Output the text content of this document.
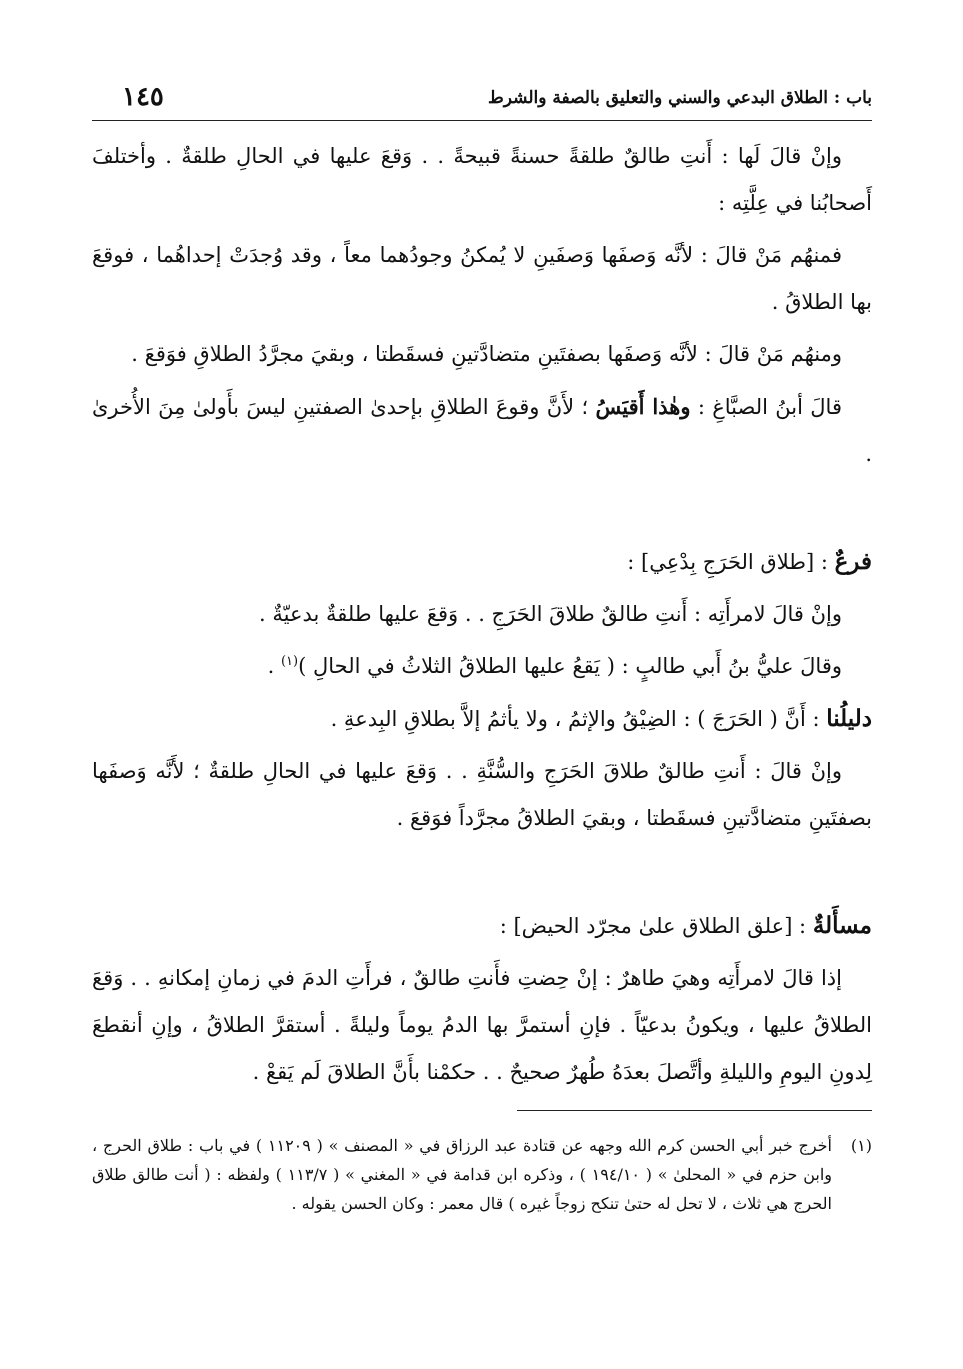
باب : الطلاق البدعي والسني والتعليق بالصفة والشرط
١٤٥

وإنْ قالَ لَها : أَنتِ طالقٌ طلقةً حسنةً قبيحةً . . وَقعَ عليها في الحالِ طلقةٌ . وأختلفَ أَصحابُنا في عِلَّتِه :

فمنهُم مَنْ قالَ : لأنَّه وَصفَها وَصفَينِ لا يُمكنُ وجودُهما معاً ، وقد وُجدَتْ إحداهُما ، فوقعَ بها الطلاقُ .

ومنهُم مَنْ قالَ : لأنَّه وَصفَها بصفتَينِ متضادَّتينِ فسقَطتا ، وبقيَ مجرَّدُ الطلاقِ فوَقعَ .

قالَ أبنُ الصبَّاغِ : وهٰذا أَقيَسُ ؛ لأَنَّ وقوعَ الطلاقِ بإحدىٰ الصفتينِ ليسَ بأَولىٰ مِنَ الأُخرىٰ .

فرعٌ : [طلاق الحَرَجِ بِدْعِي] :

وإنْ قالَ لامرأَتِه : أَنتِ طالقٌ طلاقَ الحَرَجِ . . وَقعَ عليها طلقةٌ بدعيّةٌ .

وقالَ عليُّ بنُ أَبي طالبٍ : ( يَقعُ عليها الطلاقُ الثلاثُ في الحالِ )$^{(١)}$ .

دليلُنا : أَنَّ ( الحَرَجَ ) : الضِيْقُ والإثمُ ، ولا يأثمُ إلاَّ بطلاقِ البِدعةِ .

وإنْ قالَ : أَنتِ طالقٌ طلاقَ الحَرَجِ والسُّنَّةِ . . وَقعَ عليها في الحالِ طلقةٌ ؛ لأَنَّه وَصفَها بصفتَينِ متضادَّتينِ فسقَطتا ، وبقيَ الطلاقُ مجرَّداً فوَقعَ .

مسأَلةٌ : [علق الطلاق علىٰ مجرّد الحيض] :

إذا قالَ لامرأَتِه وهيَ طاهرٌ : إنْ حِضتِ فأَنتِ طالقٌ ، فرأَتِ الدمَ في زمانِ إمكانهِ . . وَقعَ الطلاقُ عليها ، ويكونُ بدعيّاً . فإنِ أستمرَّ بها الدمُ يوماً وليلةً . أستقرَّ الطلاقُ ، وإنِ أنقطعَ لِدونِ اليومِ والليلةِ وأتَّصلَ بعدَهُ طُهرٌ صحيحٌ . . حكمْنا بأَنَّ الطلاقَ لَم يَقعْ .

(١)
أخرج خبر أبي الحسن كرم الله وجهه عن قتادة عبد الرزاق في « المصنف » ( ١١٢٠٩ ) في باب : طلاق الحرج ، وابن حزم في « المحلىٰ » ( ١٩٤/١٠ ) ، وذكره ابن قدامة في « المغني » ( ١١٣/٧ ) ولفظه : ( أنت طالق طلاق الحرج هي ثلاث ، لا تحل له حتىٰ تنكح زوجاً غيره ) قال معمر : وكان الحسن يقوله .
